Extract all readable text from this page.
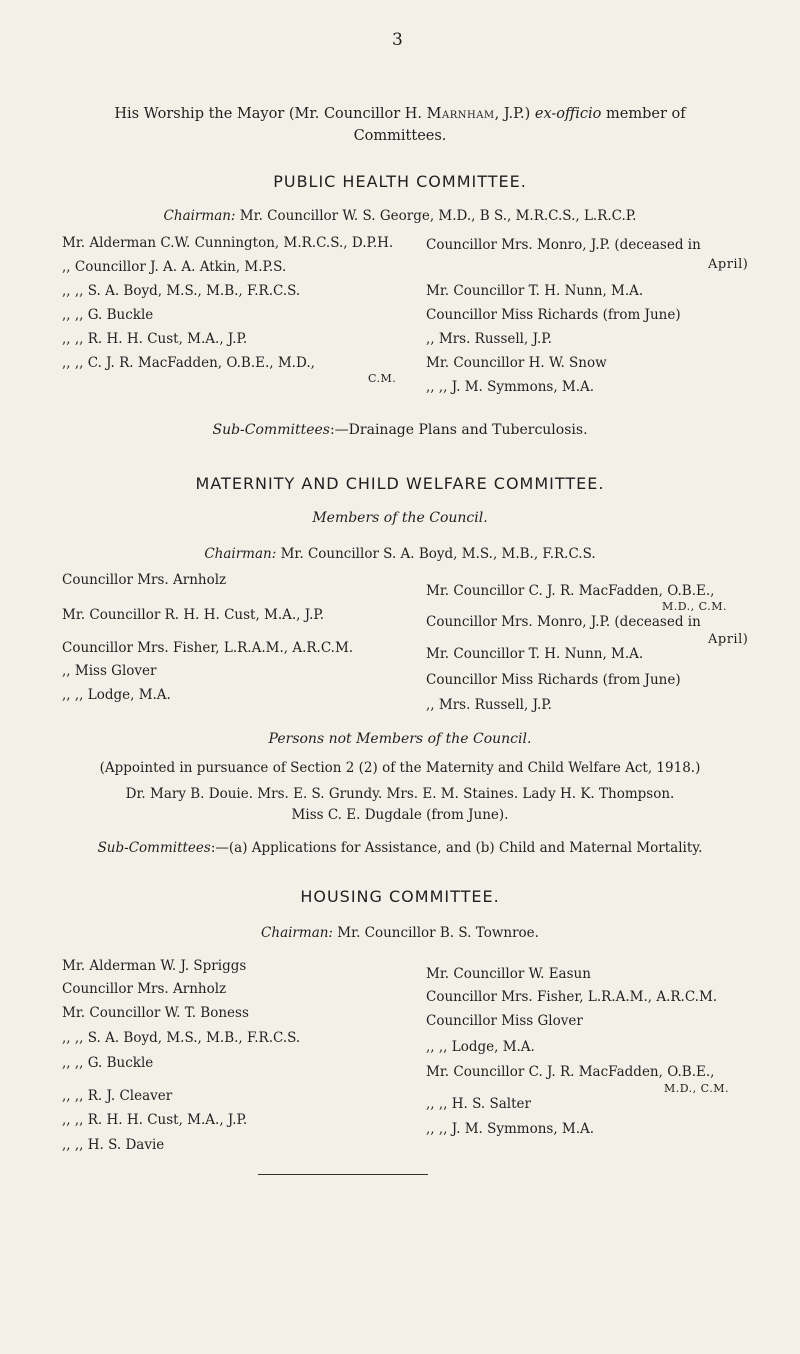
3
His Worship the Mayor (Mr. Councillor H. Marnham, J.P.) ex-officio member of
Committees.
PUBLIC HEALTH COMMITTEE.
Chairman: Mr. Councillor W. S. George, M.D., B S., M.R.C.S., L.R.C.P.
Mr. Alderman C.W. Cunnington, M.R.C.S., D.P.H.
,, Councillor J. A. A. Atkin, M.P.S.
,, ,, S. A. Boyd, M.S., M.B., F.R.C.S.
,, ,, G. Buckle
,, ,, R. H. H. Cust, M.A., J.P.
,, ,, C. J. R. MacFadden, O.B.E., M.D.,
C.M.
Councillor Mrs. Monro, J.P. (deceased in
April)
Mr. Councillor T. H. Nunn, M.A.
Councillor Miss Richards (from June)
,, Mrs. Russell, J.P.
Mr. Councillor H. W. Snow
,, ,, J. M. Symmons, M.A.
Sub-Committees:—Drainage Plans and Tuberculosis.
MATERNITY AND CHILD WELFARE COMMITTEE.
Members of the Council.
Chairman: Mr. Councillor S. A. Boyd, M.S., M.B., F.R.C.S.
Councillor Mrs. Arnholz
Mr. Councillor R. H. H. Cust, M.A., J.P.
Councillor Mrs. Fisher, L.R.A.M., A.R.C.M.
,, Miss Glover
,, ,, Lodge, M.A.
Mr. Councillor C. J. R. MacFadden, O.B.E.,
M.D., C.M.
Councillor Mrs. Monro, J.P. (deceased in
April)
Mr. Councillor T. H. Nunn, M.A.
Councillor Miss Richards (from June)
,, Mrs. Russell, J.P.
Persons not Members of the Council.
(Appointed in pursuance of Section 2 (2) of the Maternity and Child Welfare Act, 1918.)
Dr. Mary B. Douie. Mrs. E. S. Grundy. Mrs. E. M. Staines. Lady H. K. Thompson.
Miss C. E. Dugdale (from June).
Sub-Committees:—(a) Applications for Assistance, and (b) Child and Maternal Mortality.
HOUSING COMMITTEE.
Chairman: Mr. Councillor B. S. Townroe.
Mr. Alderman W. J. Spriggs
Councillor Mrs. Arnholz
Mr. Councillor W. T. Boness
,, ,, S. A. Boyd, M.S., M.B., F.R.C.S.
,, ,, G. Buckle
,, ,, R. J. Cleaver
,, ,, R. H. H. Cust, M.A., J.P.
,, ,, H. S. Davie
Mr. Councillor W. Easun
Councillor Mrs. Fisher, L.R.A.M., A.R.C.M.
Councillor Miss Glover
,, ,, Lodge, M.A.
Mr. Councillor C. J. R. MacFadden, O.B.E.,
M.D., C.M.
,, ,, H. S. Salter
,, ,, J. M. Symmons, M.A.
